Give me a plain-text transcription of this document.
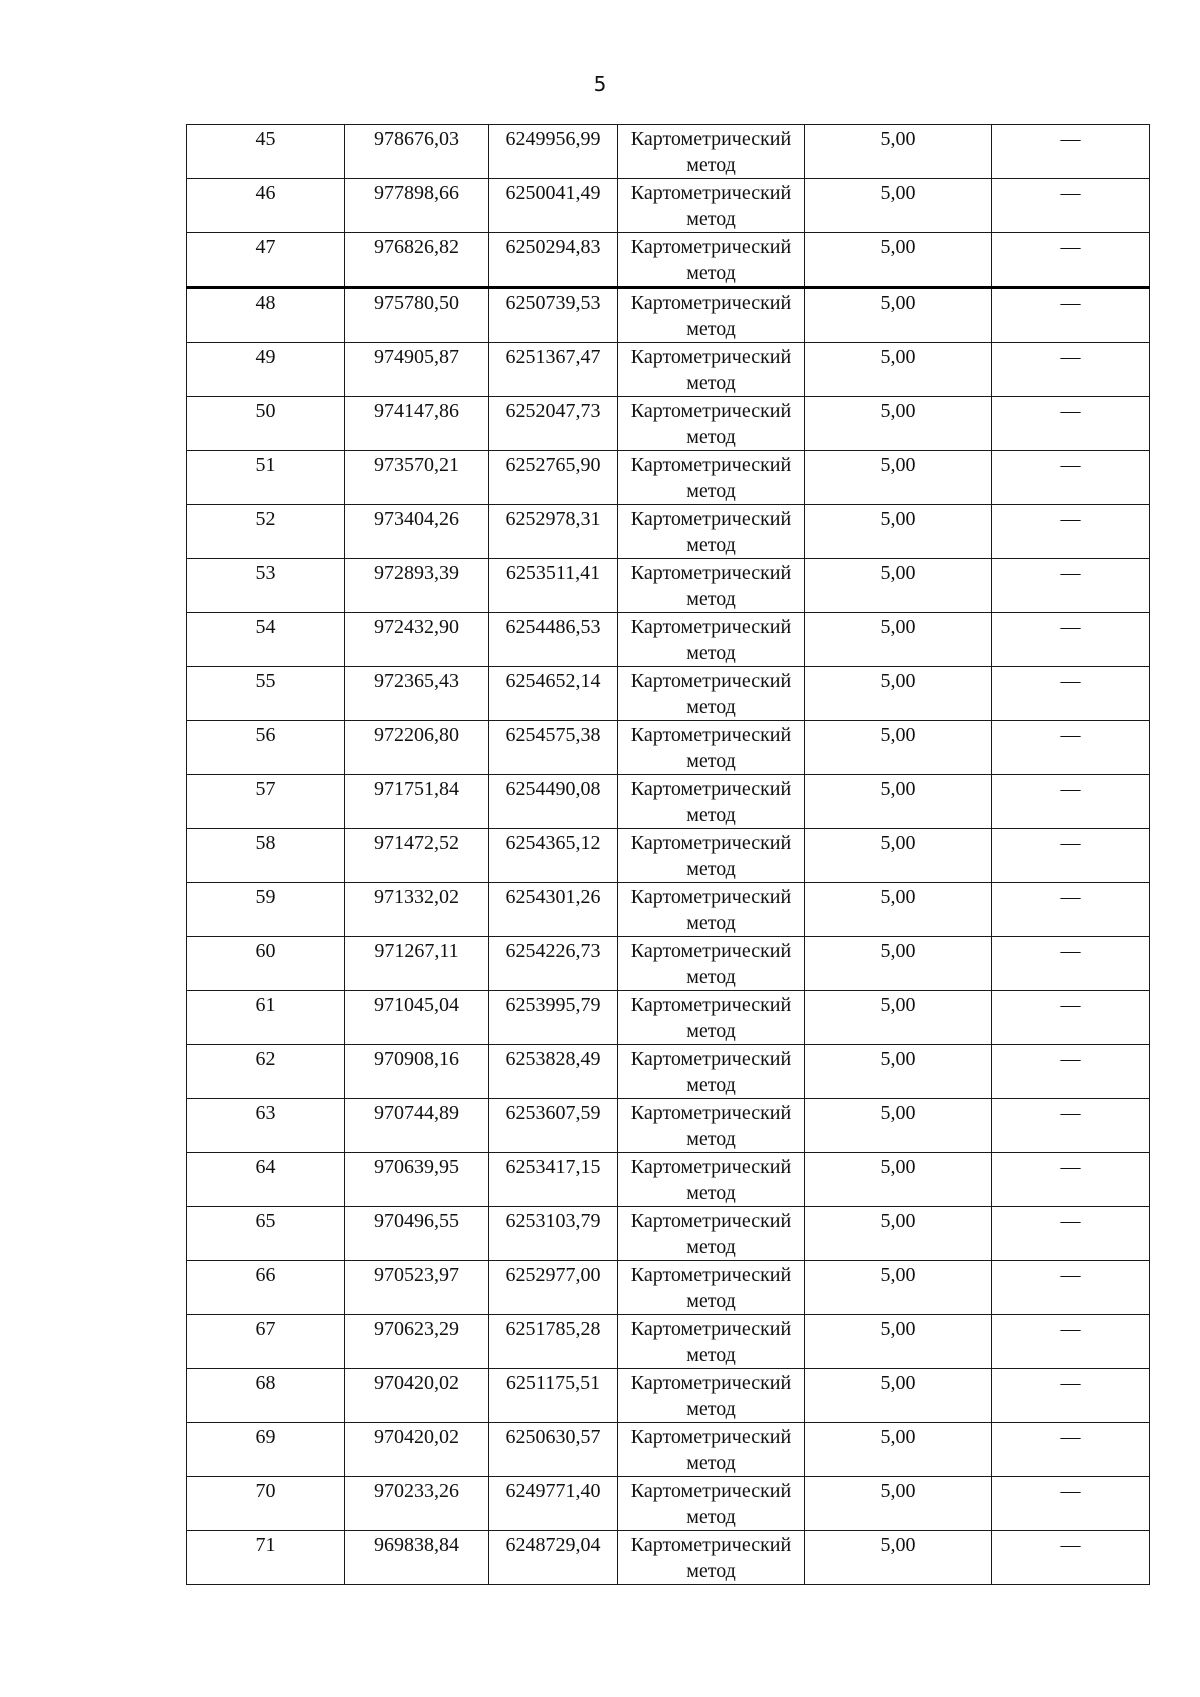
5
45	978676,03	6249956,99	Картометрический метод	5,00	—
46	977898,66	6250041,49	Картометрический метод	5,00	—
47	976826,82	6250294,83	Картометрический метод	5,00	—
48	975780,50	6250739,53	Картометрический метод	5,00	—
49	974905,87	6251367,47	Картометрический метод	5,00	—
50	974147,86	6252047,73	Картометрический метод	5,00	—
51	973570,21	6252765,90	Картометрический метод	5,00	—
52	973404,26	6252978,31	Картометрический метод	5,00	—
53	972893,39	6253511,41	Картометрический метод	5,00	—
54	972432,90	6254486,53	Картометрический метод	5,00	—
55	972365,43	6254652,14	Картометрический метод	5,00	—
56	972206,80	6254575,38	Картометрический метод	5,00	—
57	971751,84	6254490,08	Картометрический метод	5,00	—
58	971472,52	6254365,12	Картометрический метод	5,00	—
59	971332,02	6254301,26	Картометрический метод	5,00	—
60	971267,11	6254226,73	Картометрический метод	5,00	—
61	971045,04	6253995,79	Картометрический метод	5,00	—
62	970908,16	6253828,49	Картометрический метод	5,00	—
63	970744,89	6253607,59	Картометрический метод	5,00	—
64	970639,95	6253417,15	Картометрический метод	5,00	—
65	970496,55	6253103,79	Картометрический метод	5,00	—
66	970523,97	6252977,00	Картометрический метод	5,00	—
67	970623,29	6251785,28	Картометрический метод	5,00	—
68	970420,02	6251175,51	Картометрический метод	5,00	—
69	970420,02	6250630,57	Картометрический метод	5,00	—
70	970233,26	6249771,40	Картометрический метод	5,00	—
71	969838,84	6248729,04	Картометрический метод	5,00	—
